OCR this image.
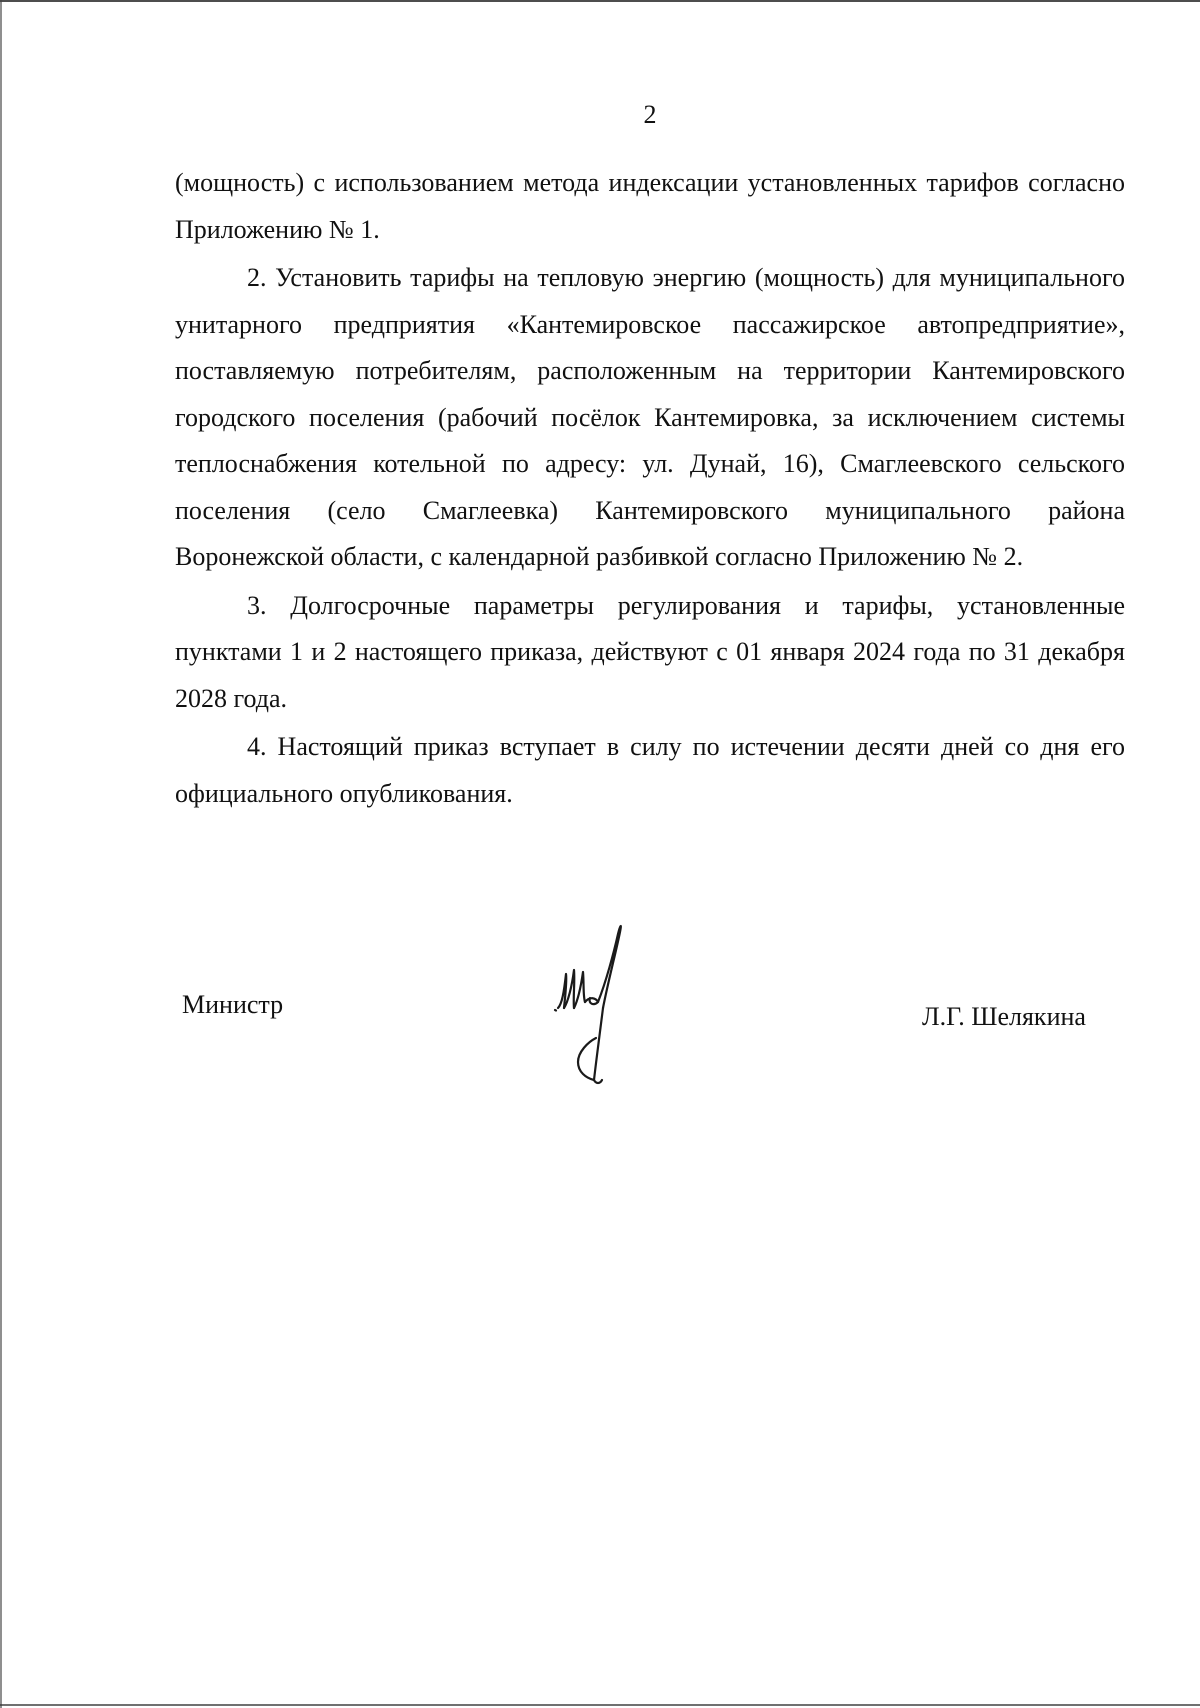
2

(мощность) с использованием метода индексации установленных тарифов согласно Приложению № 1.

2. Установить тарифы на тепловую энергию (мощность) для муниципального унитарного предприятия «Кантемировское пассажирское автопредприятие», поставляемую потребителям, расположенным на территории Кантемировского городского поселения (рабочий посёлок Кантемировка, за исключением системы теплоснабжения котельной по адресу: ул. Дунай, 16), Смаглеевского сельского поселения (село Смаглеевка) Кантемировского муниципального района Воронежской области, с календарной разбивкой согласно Приложению № 2.

3. Долгосрочные параметры регулирования и тарифы, установленные пунктами 1 и 2 настоящего приказа, действуют с 01 января 2024 года по 31 декабря 2028 года.

4. Настоящий приказ вступает в силу по истечении десяти дней со дня его официального опубликования.

Министр	Л.Г. Шелякина
